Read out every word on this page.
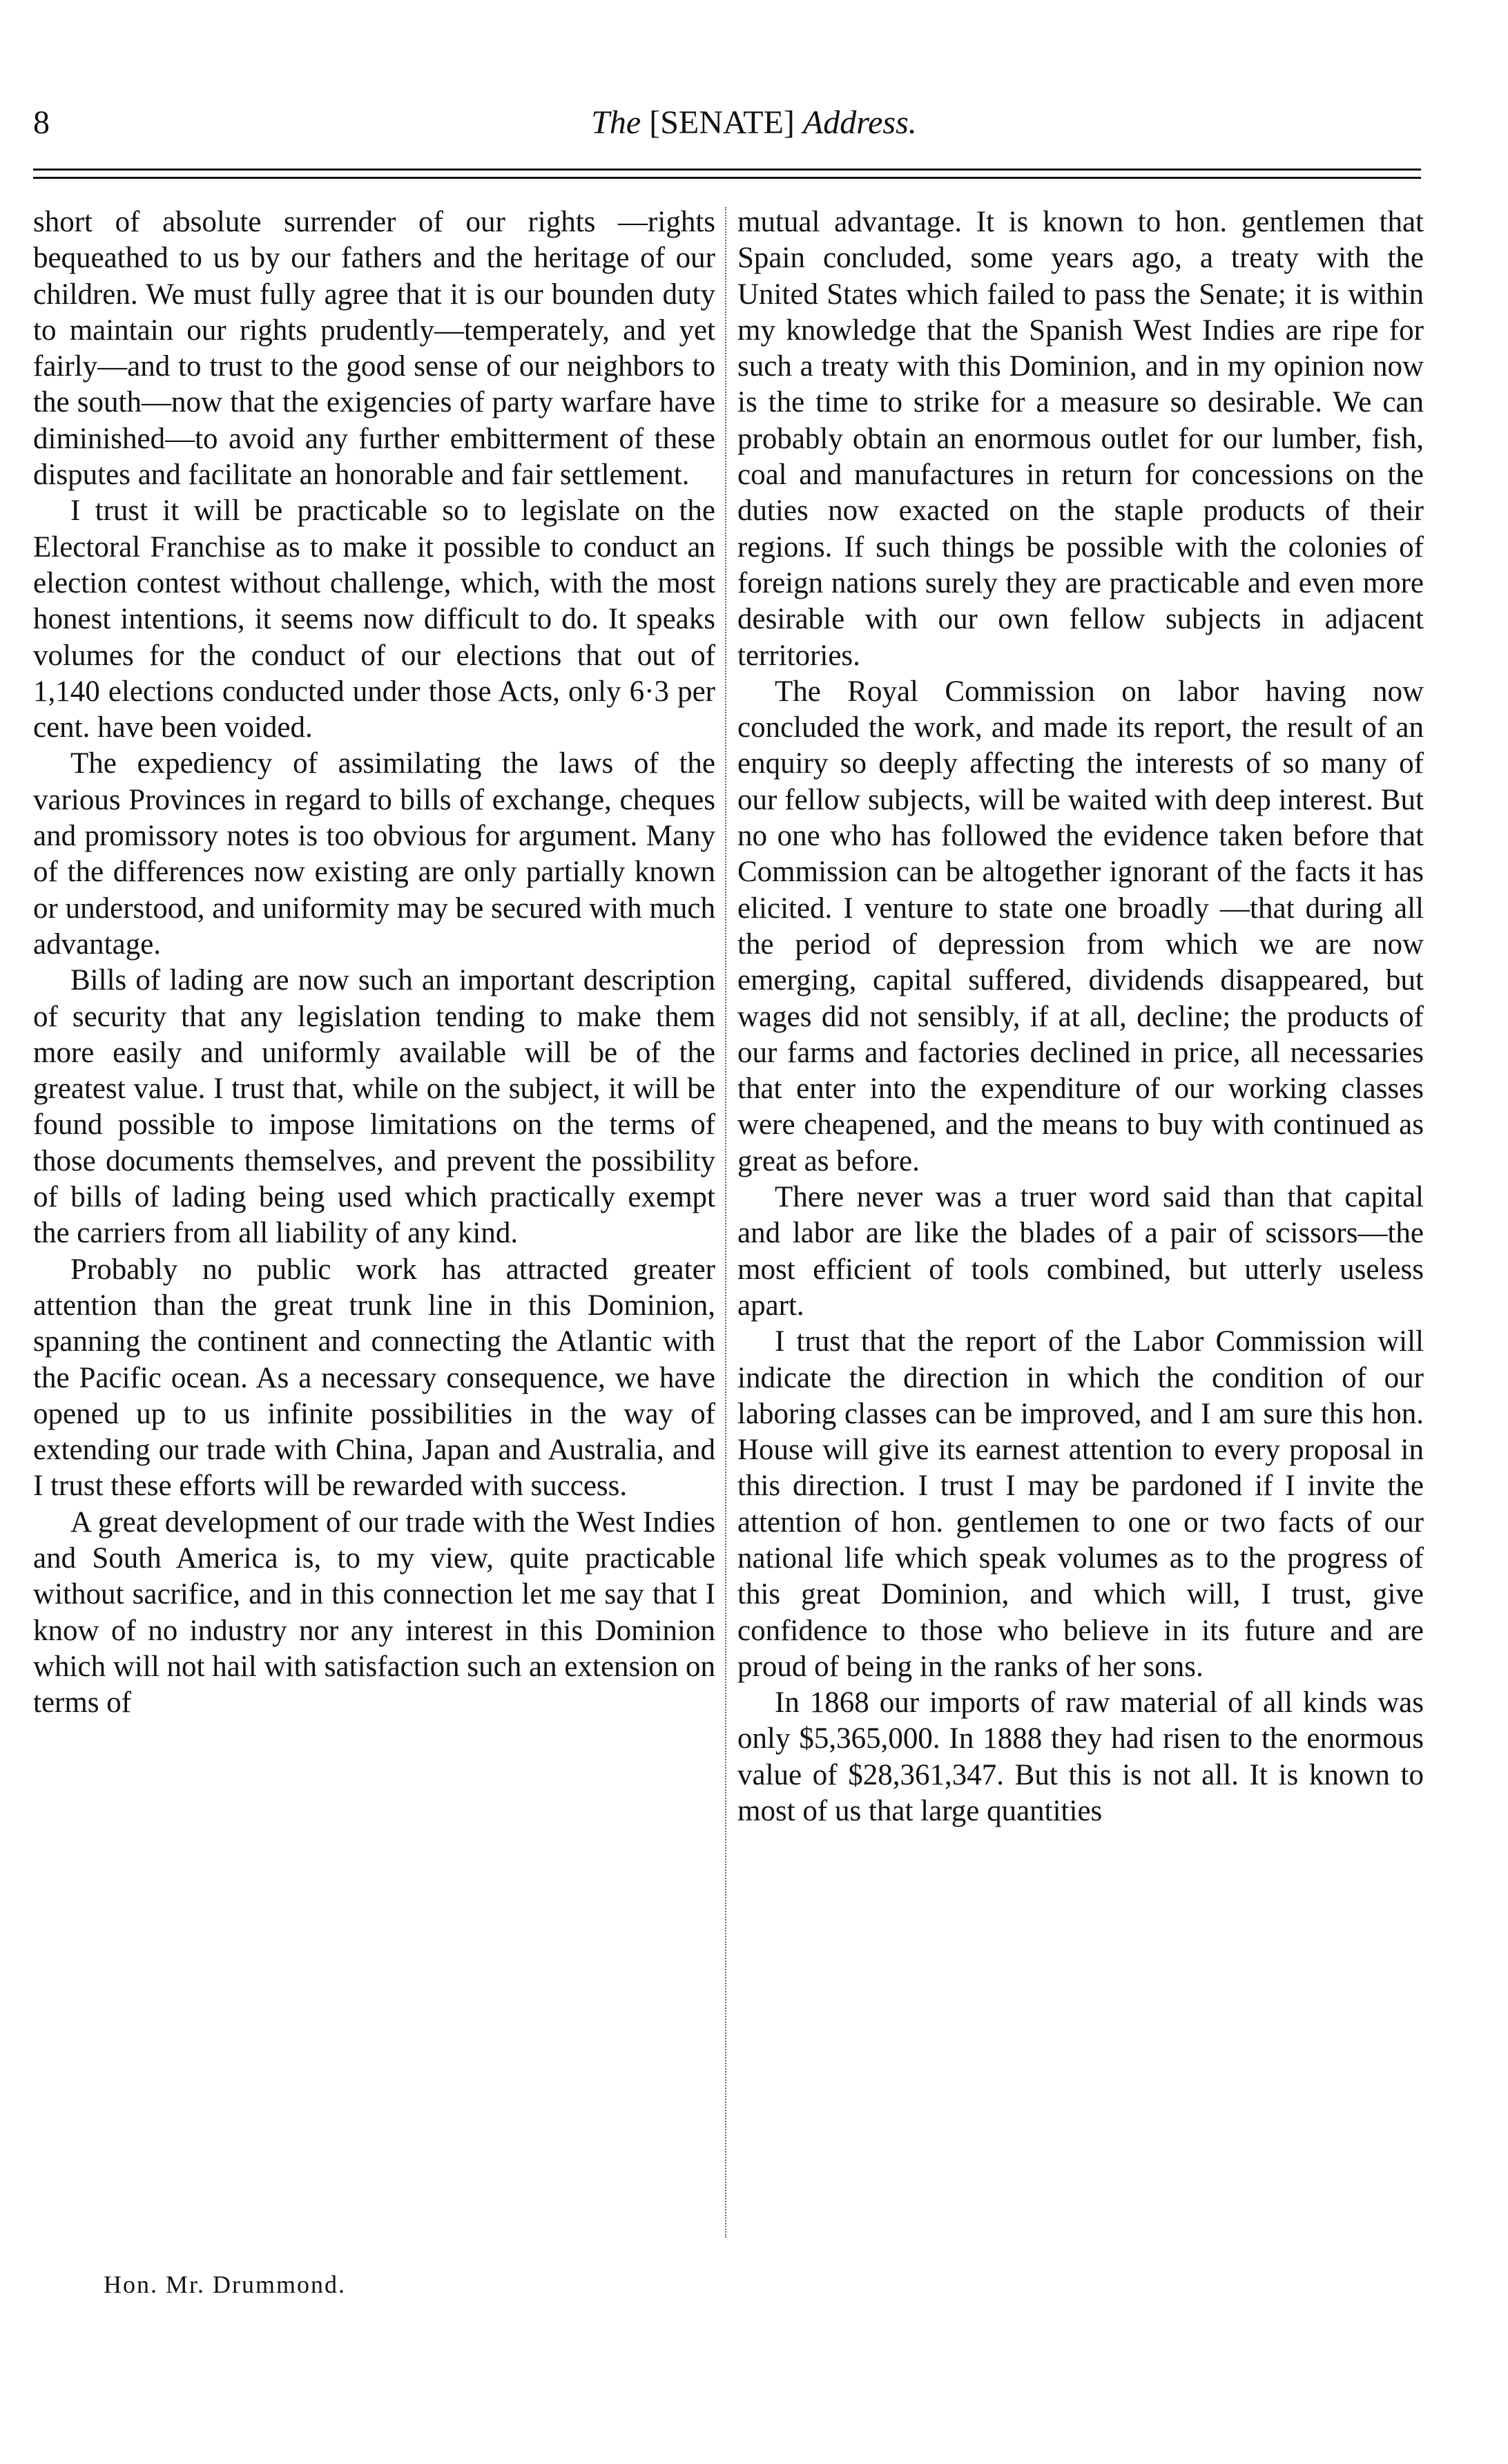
8	The [SENATE] Address.

short of absolute surrender of our rights —rights bequeathed to us by our fathers and the heritage of our children. We must fully agree that it is our bounden duty to maintain our rights prudently—temperately, and yet fairly—and to trust to the good sense of our neighbors to the south—now that the exigencies of party warfare have diminished—to avoid any further embitterment of these disputes and facilitate an honorable and fair settlement.

I trust it will be practicable so to legislate on the Electoral Franchise as to make it possible to conduct an election contest without challenge, which, with the most honest intentions, it seems now difficult to do. It speaks volumes for the conduct of our elections that out of 1,140 elections conducted under those Acts, only 6·3 per cent. have been voided.

The expediency of assimilating the laws of the various Provinces in regard to bills of exchange, cheques and promissory notes is too obvious for argument. Many of the differences now existing are only partially known or understood, and uniformity may be secured with much advantage.

Bills of lading are now such an important description of security that any legislation tending to make them more easily and uniformly available will be of the greatest value. I trust that, while on the subject, it will be found possible to impose limitations on the terms of those documents themselves, and prevent the possibility of bills of lading being used which practically exempt the carriers from all liability of any kind.

Probably no public work has attracted greater attention than the great trunk line in this Dominion, spanning the continent and connecting the Atlantic with the Pacific ocean. As a necessary consequence, we have opened up to us infinite possibilities in the way of extending our trade with China, Japan and Australia, and I trust these efforts will be rewarded with success.

A great development of our trade with the West Indies and South America is, to my view, quite practicable without sacrifice, and in this connection let me say that I know of no industry nor any interest in this Dominion which will not hail with satisfaction such an extension on terms of

mutual advantage. It is known to hon. gentlemen that Spain concluded, some years ago, a treaty with the United States which failed to pass the Senate; it is within my knowledge that the Spanish West Indies are ripe for such a treaty with this Dominion, and in my opinion now is the time to strike for a measure so desirable. We can probably obtain an enormous outlet for our lumber, fish, coal and manufactures in return for concessions on the duties now exacted on the staple products of their regions. If such things be possible with the colonies of foreign nations surely they are practicable and even more desirable with our own fellow subjects in adjacent territories.

The Royal Commission on labor having now concluded the work, and made its report, the result of an enquiry so deeply affecting the interests of so many of our fellow subjects, will be waited with deep interest. But no one who has followed the evidence taken before that Commission can be altogether ignorant of the facts it has elicited. I venture to state one broadly —that during all the period of depression from which we are now emerging, capital suffered, dividends disappeared, but wages did not sensibly, if at all, decline; the products of our farms and factories declined in price, all necessaries that enter into the expenditure of our working classes were cheapened, and the means to buy with continued as great as before.

There never was a truer word said than that capital and labor are like the blades of a pair of scissors—the most efficient of tools combined, but utterly useless apart.

I trust that the report of the Labor Commission will indicate the direction in which the condition of our laboring classes can be improved, and I am sure this hon. House will give its earnest attention to every proposal in this direction. I trust I may be pardoned if I invite the attention of hon. gentlemen to one or two facts of our national life which speak volumes as to the progress of this great Dominion, and which will, I trust, give confidence to those who believe in its future and are proud of being in the ranks of her sons.

In 1868 our imports of raw material of all kinds was only $5,365,000. In 1888 they had risen to the enormous value of $28,361,347. But this is not all. It is known to most of us that large quantities

Hon. Mr. Drummond.
